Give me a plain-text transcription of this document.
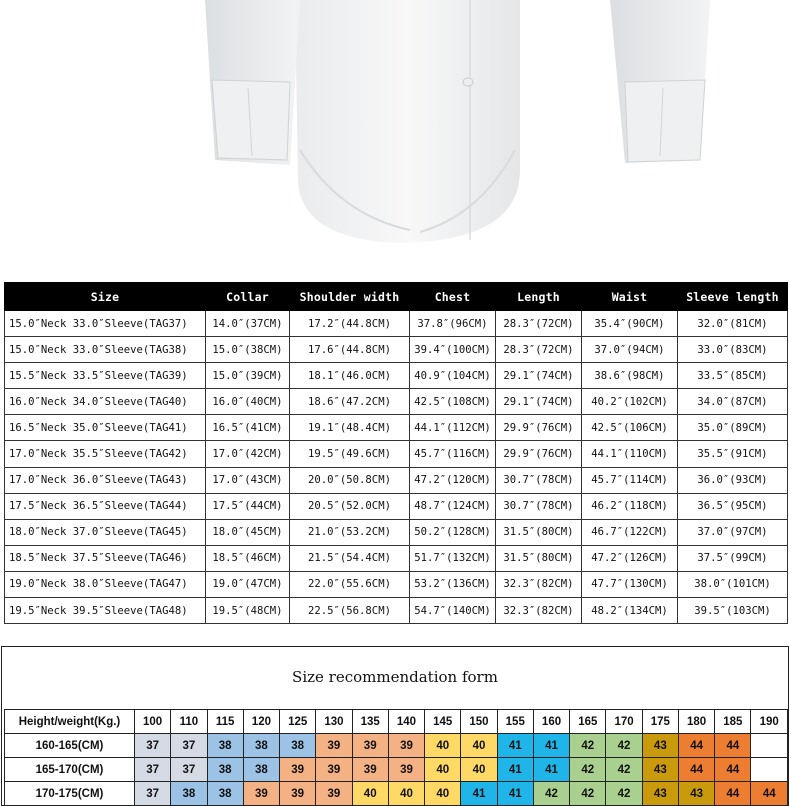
Size	Collar	Shoulder width	Chest	Length	Waist	Sleeve length
15.0″Neck 33.0″Sleeve(TAG37)	14.0″(37CM)	17.2″(44.8CM)	37.8″(96CM)	28.3″(72CM)	35.4″(90CM)	32.0″(81CM)
15.0″Neck 33.0″Sleeve(TAG38)	15.0″(38CM)	17.6″(44.8CM)	39.4″(100CM)	28.3″(72CM)	37.0″(94CM)	33.0″(83CM)
15.5″Neck 33.5″Sleeve(TAG39)	15.0″(39CM)	18.1″(46.0CM)	40.9″(104CM)	29.1″(74CM)	38.6″(98CM)	33.5″(85CM)
16.0″Neck 34.0″Sleeve(TAG40)	16.0″(40CM)	18.6″(47.2CM)	42.5″(108CM)	29.1″(74CM)	40.2″(102CM)	34.0″(87CM)
16.5″Neck 35.0″Sleeve(TAG41)	16.5″(41CM)	19.1″(48.4CM)	44.1″(112CM)	29.9″(76CM)	42.5″(106CM)	35.0″(89CM)
17.0″Neck 35.5″Sleeve(TAG42)	17.0″(42CM)	19.5″(49.6CM)	45.7″(116CM)	29.9″(76CM)	44.1″(110CM)	35.5″(91CM)
17.0″Neck 36.0″Sleeve(TAG43)	17.0″(43CM)	20.0″(50.8CM)	47.2″(120CM)	30.7″(78CM)	45.7″(114CM)	36.0″(93CM)
17.5″Neck 36.5″Sleeve(TAG44)	17.5″(44CM)	20.5″(52.0CM)	48.7″(124CM)	30.7″(78CM)	46.2″(118CM)	36.5″(95CM)
18.0″Neck 37.0″Sleeve(TAG45)	18.0″(45CM)	21.0″(53.2CM)	50.2″(128CM)	31.5″(80CM)	46.7″(122CM)	37.0″(97CM)
18.5″Neck 37.5″Sleeve(TAG46)	18.5″(46CM)	21.5″(54.4CM)	51.7″(132CM)	31.5″(80CM)	47.2″(126CM)	37.5″(99CM)
19.0″Neck 38.0″Sleeve(TAG47)	19.0″(47CM)	22.0″(55.6CM)	53.2″(136CM)	32.3″(82CM)	47.7″(130CM)	38.0″(101CM)
19.5″Neck 39.5″Sleeve(TAG48)	19.5″(48CM)	22.5″(56.8CM)	54.7″(140CM)	32.3″(82CM)	48.2″(134CM)	39.5″(103CM)
Size recommendation form
Height/weight(Kg.)	100	110	115	120	125	130	135	140	145	150	155	160	165	170	175	180	185	190
160-165(CM)	37	37	38	38	38	39	39	39	40	40	41	41	42	42	43	44	44	
165-170(CM)	37	37	38	38	39	39	39	39	40	40	41	41	42	42	43	44	44	
170-175(CM)	37	38	38	39	39	39	40	40	40	41	41	42	42	42	43	43	44	44
